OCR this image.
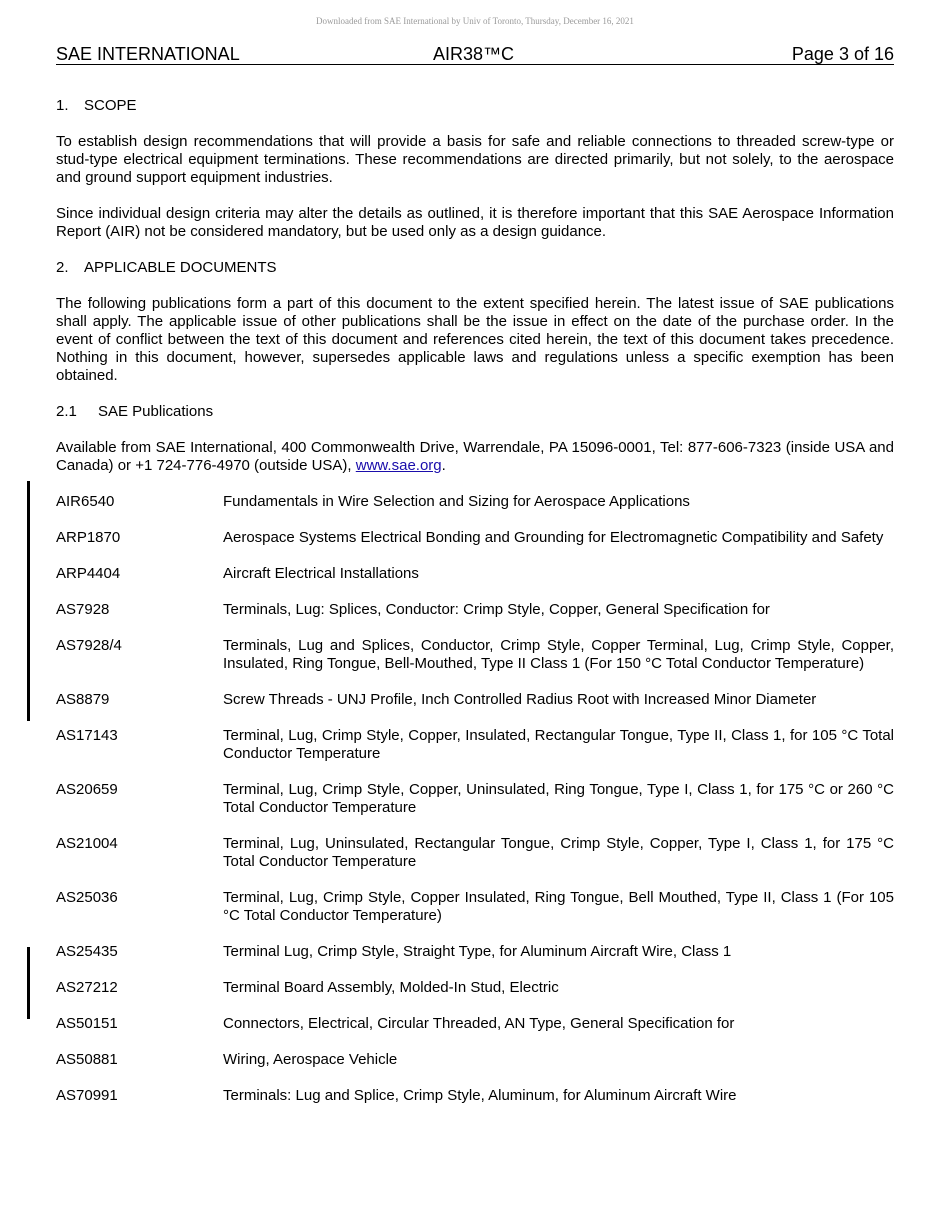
Downloaded from SAE International by Univ of Toronto, Thursday, December 16, 2021
SAE INTERNATIONAL	AIR38™C	Page 3 of 16
1. SCOPE

To establish design recommendations that will provide a basis for safe and reliable connections to threaded screw-type or stud-type electrical equipment terminations. These recommendations are directed primarily, but not solely, to the aerospace and ground support equipment industries.

Since individual design criteria may alter the details as outlined, it is therefore important that this SAE Aerospace Information Report (AIR) not be considered mandatory, but be used only as a design guidance.

2. APPLICABLE DOCUMENTS

The following publications form a part of this document to the extent specified herein. The latest issue of SAE publications shall apply. The applicable issue of other publications shall be the issue in effect on the date of the purchase order. In the event of conflict between the text of this document and references cited herein, the text of this document takes precedence. Nothing in this document, however, supersedes applicable laws and regulations unless a specific exemption has been obtained.

2.1 SAE Publications

Available from SAE International, 400 Commonwealth Drive, Warrendale, PA 15096-0001, Tel: 877-606-7323 (inside USA and Canada) or +1 724-776-4970 (outside USA), www.sae.org.

AIR6540	Fundamentals in Wire Selection and Sizing for Aerospace Applications
ARP1870	Aerospace Systems Electrical Bonding and Grounding for Electromagnetic Compatibility and Safety
ARP4404	Aircraft Electrical Installations
AS7928	Terminals, Lug: Splices, Conductor: Crimp Style, Copper, General Specification for
AS7928/4	Terminals, Lug and Splices, Conductor, Crimp Style, Copper Terminal, Lug, Crimp Style, Copper, Insulated, Ring Tongue, Bell-Mouthed, Type II Class 1 (For 150 °C Total Conductor Temperature)
AS8879	Screw Threads - UNJ Profile, Inch Controlled Radius Root with Increased Minor Diameter
AS17143	Terminal, Lug, Crimp Style, Copper, Insulated, Rectangular Tongue, Type II, Class 1, for 105 °C Total Conductor Temperature
AS20659	Terminal, Lug, Crimp Style, Copper, Uninsulated, Ring Tongue, Type I, Class 1, for 175 °C or 260 °C Total Conductor Temperature
AS21004	Terminal, Lug, Uninsulated, Rectangular Tongue, Crimp Style, Copper, Type I, Class 1, for 175 °C Total Conductor Temperature
AS25036	Terminal, Lug, Crimp Style, Copper Insulated, Ring Tongue, Bell Mouthed, Type II, Class 1 (For 105 °C Total Conductor Temperature)
AS25435	Terminal Lug, Crimp Style, Straight Type, for Aluminum Aircraft Wire, Class 1
AS27212	Terminal Board Assembly, Molded-In Stud, Electric
AS50151	Connectors, Electrical, Circular Threaded, AN Type, General Specification for
AS50881	Wiring, Aerospace Vehicle
AS70991	Terminals: Lug and Splice, Crimp Style, Aluminum, for Aluminum Aircraft Wire
